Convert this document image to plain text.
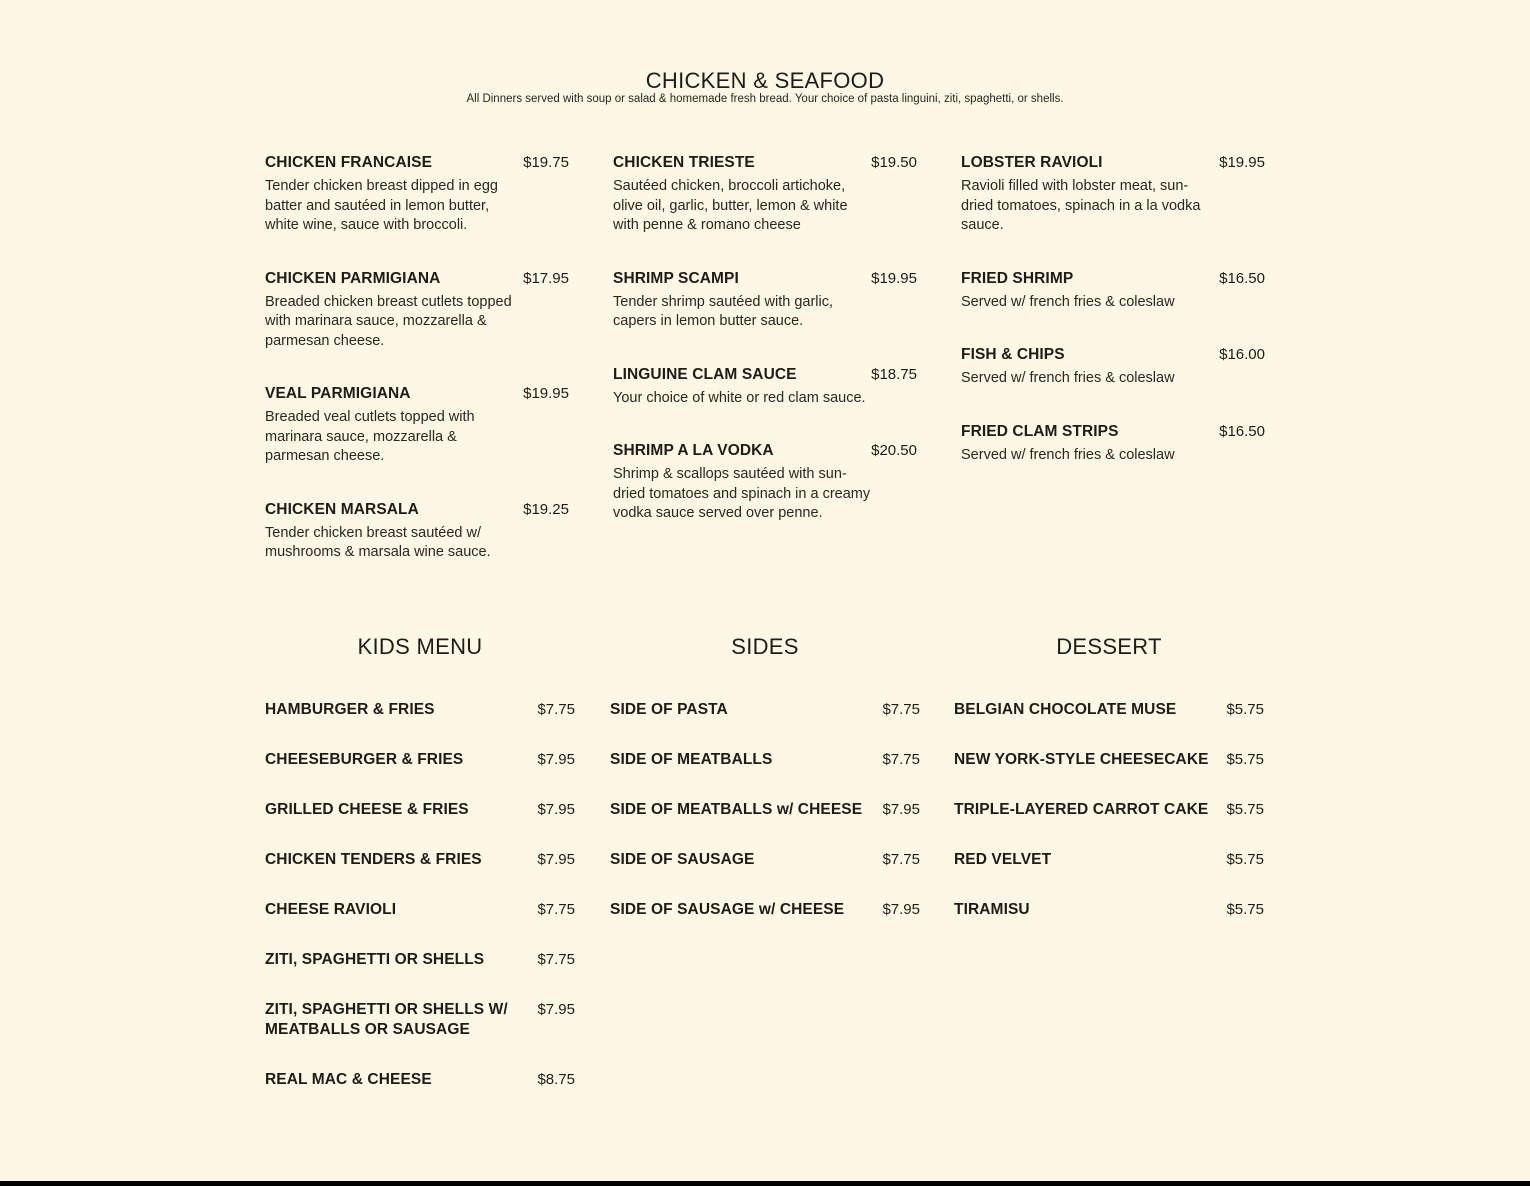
CHICKEN & SEAFOOD
All Dinners served with soup or salad & homemade fresh bread. Your choice of pasta linguini, ziti, spaghetti, or shells.
CHICKEN FRANCAISE	$19.75
Tender chicken breast dipped in egg batter and sautéed in lemon butter, white wine, sauce with broccoli.
CHICKEN PARMIGIANA	$17.95
Breaded chicken breast cutlets topped with marinara sauce, mozzarella & parmesan cheese.
VEAL PARMIGIANA	$19.95
Breaded veal cutlets topped with marinara sauce, mozzarella & parmesan cheese.
CHICKEN MARSALA	$19.25
Tender chicken breast sautéed w/ mushrooms & marsala wine sauce.
CHICKEN TRIESTE	$19.50
Sautéed chicken, broccoli artichoke, olive oil, garlic, butter, lemon & white with penne & romano cheese
SHRIMP SCAMPI	$19.95
Tender shrimp sautéed with garlic, capers in lemon butter sauce.
LINGUINE CLAM SAUCE	$18.75
Your choice of white or red clam sauce.
SHRIMP A LA VODKA	$20.50
Shrimp & scallops sautéed with sun-dried tomatoes and spinach in a creamy vodka sauce served over penne.
LOBSTER RAVIOLI	$19.95
Ravioli filled with lobster meat, sun-dried tomatoes, spinach in a la vodka sauce.
FRIED SHRIMP	$16.50
Served w/ french fries & coleslaw
FISH & CHIPS	$16.00
Served w/ french fries & coleslaw
FRIED CLAM STRIPS	$16.50
Served w/ french fries & coleslaw
KIDS MENU	SIDES	DESSERT
HAMBURGER & FRIES	$7.75
CHEESEBURGER & FRIES	$7.95
GRILLED CHEESE & FRIES	$7.95
CHICKEN TENDERS & FRIES	$7.95
CHEESE RAVIOLI	$7.75
ZITI, SPAGHETTI OR SHELLS	$7.75
ZITI, SPAGHETTI OR SHELLS W/ MEATBALLS OR SAUSAGE
$7.95
REAL MAC & CHEESE	$8.75
SIDE OF PASTA	$7.75
SIDE OF MEATBALLS	$7.75
SIDE OF MEATBALLS w/ CHEESE	$7.95
SIDE OF SAUSAGE	$7.75
SIDE OF SAUSAGE w/ CHEESE	$7.95
BELGIAN CHOCOLATE MUSE	$5.75
NEW YORK-STYLE CHEESECAKE	$5.75
TRIPLE-LAYERED CARROT CAKE	$5.75
RED VELVET	$5.75
TIRAMISU	$5.75
